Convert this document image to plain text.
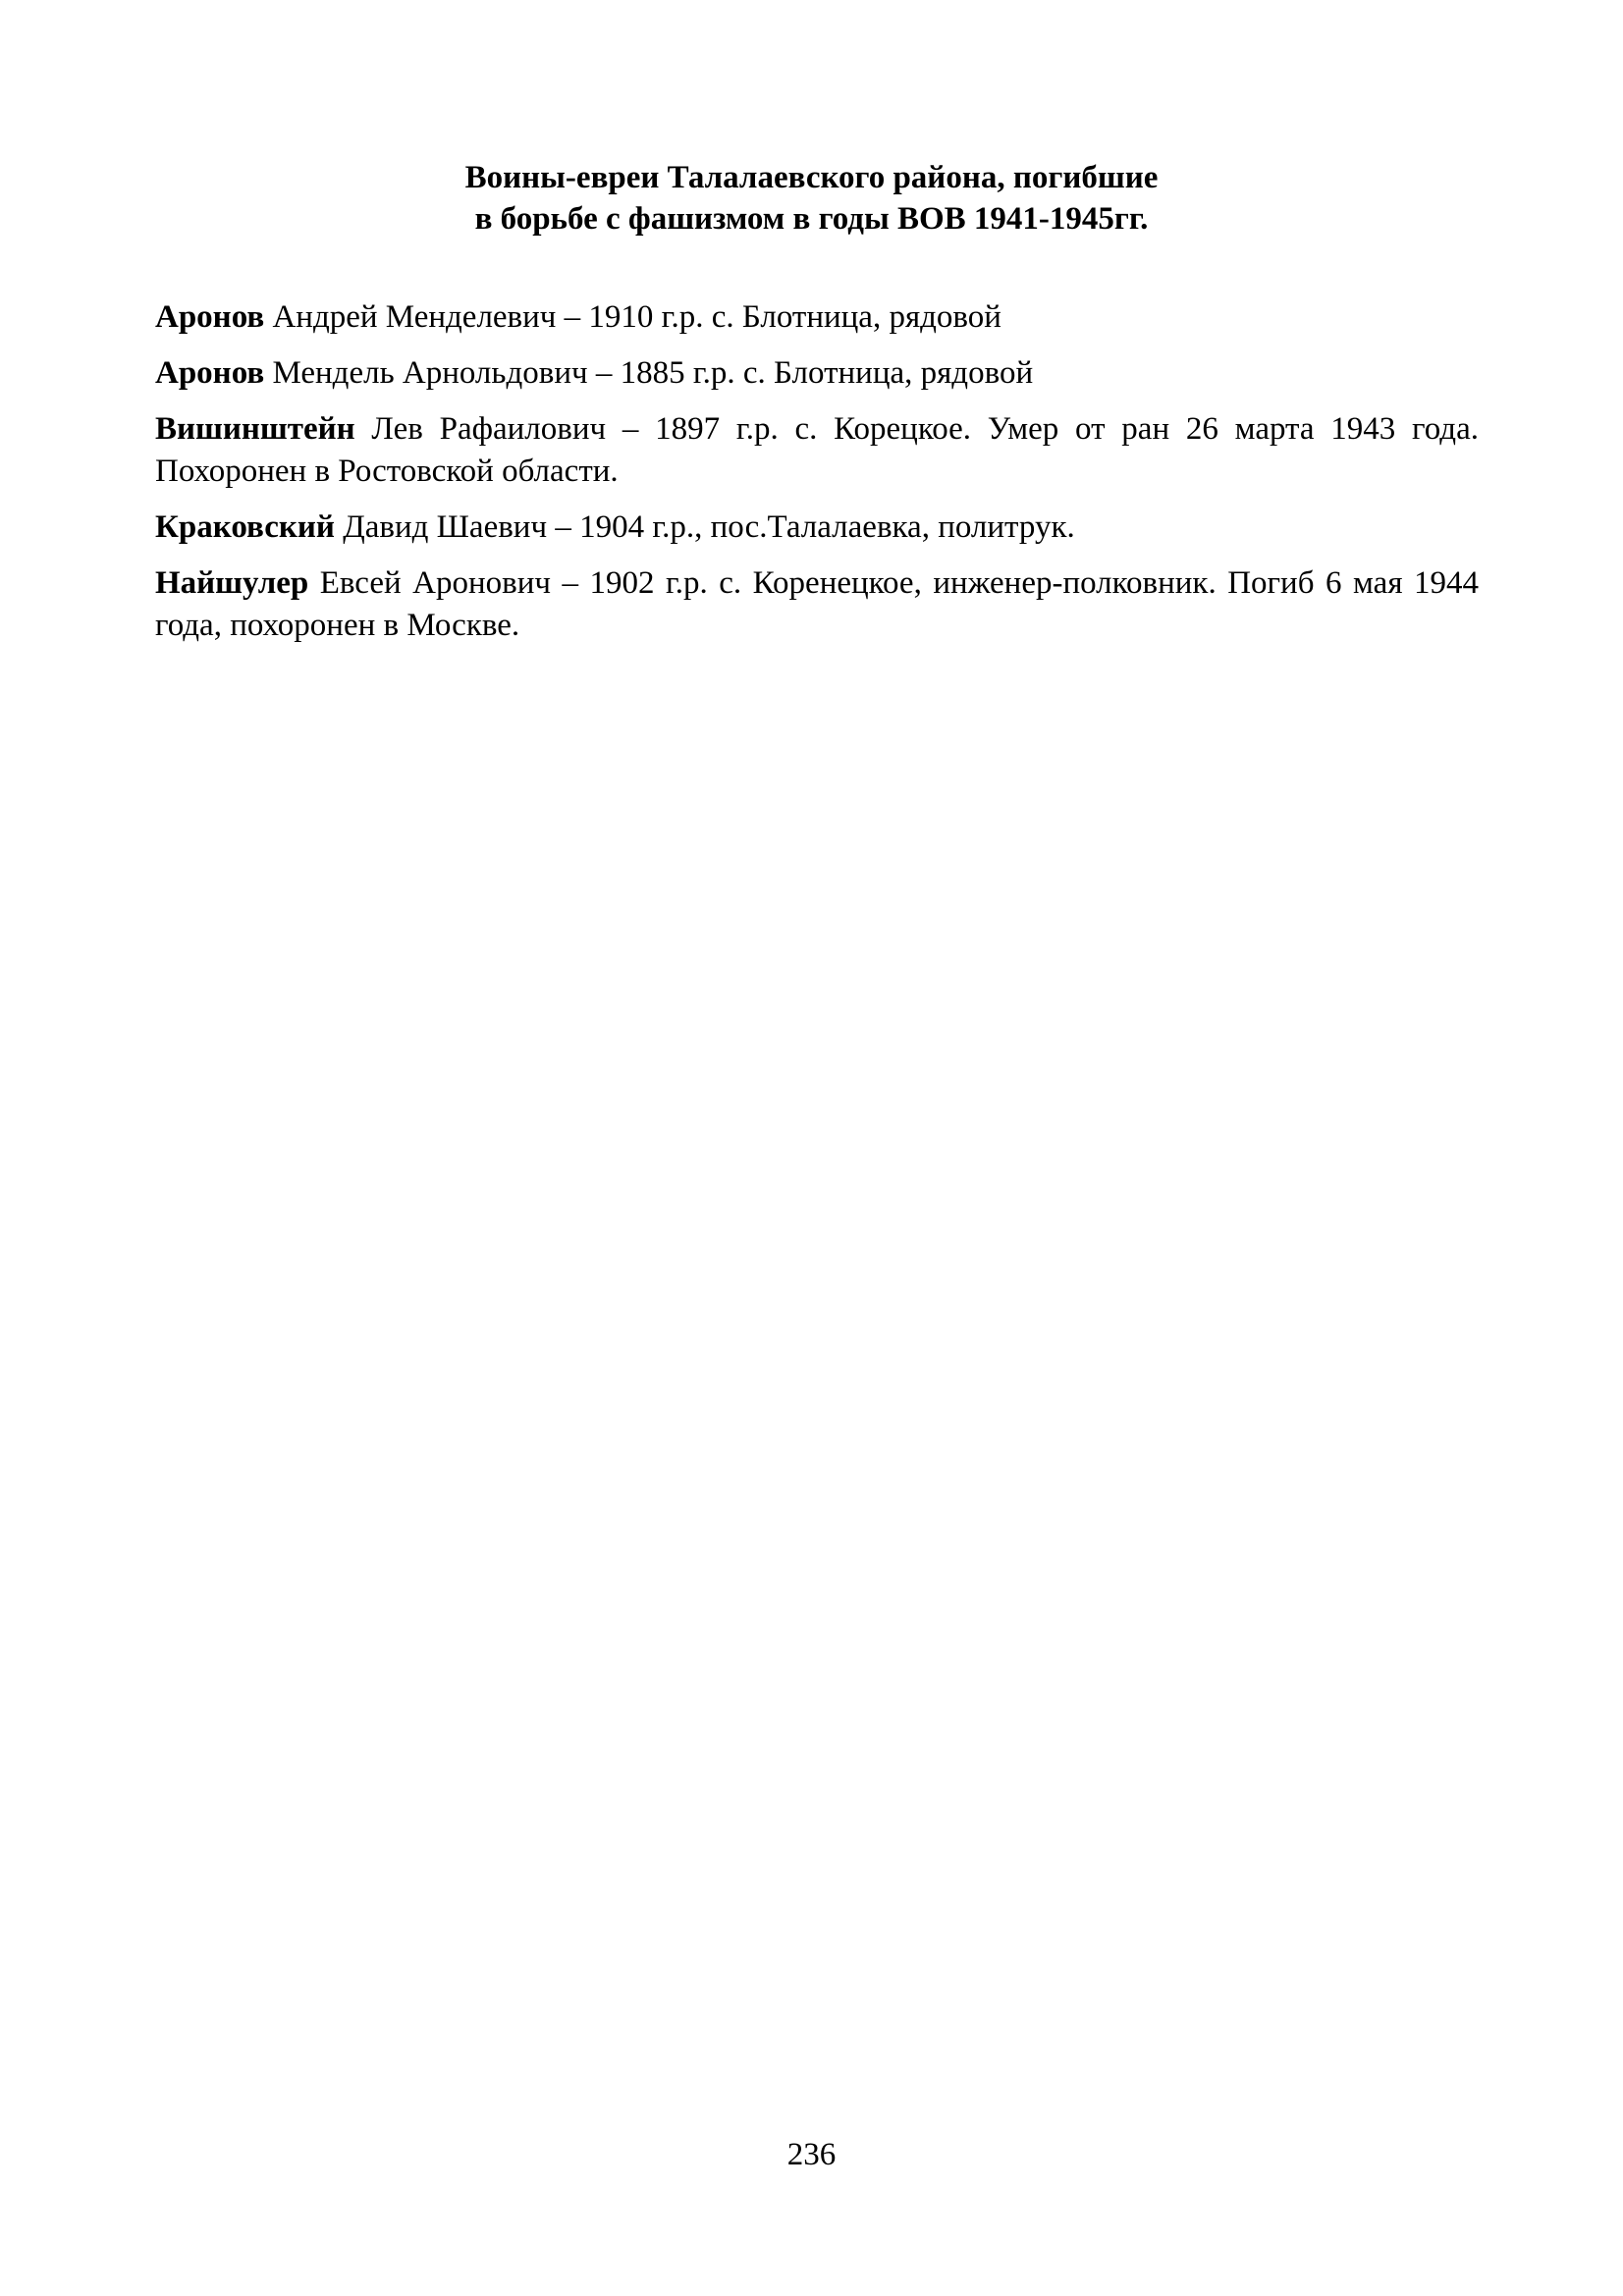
Воины-евреи Талалаевского района, погибшие
в борьбе с фашизмом в годы ВОВ 1941-1945гг.

Аронов Андрей Менделевич – 1910 г.р. с. Блотница, рядовой

Аронов Мендель Арнольдович – 1885 г.р. с. Блотница, рядовой

Вишинштейн Лев Рафаилович – 1897 г.р. с. Корецкое. Умер от ран 26 марта 1943 года. Похоронен в Ростовской области.

Краковский Давид Шаевич – 1904 г.р., пос.Талалаевка, политрук.

Найшулер Евсей Аронович – 1902 г.р. с. Коренецкое, инженер-полковник. Погиб 6 мая 1944 года, похоронен в Москве.

236
